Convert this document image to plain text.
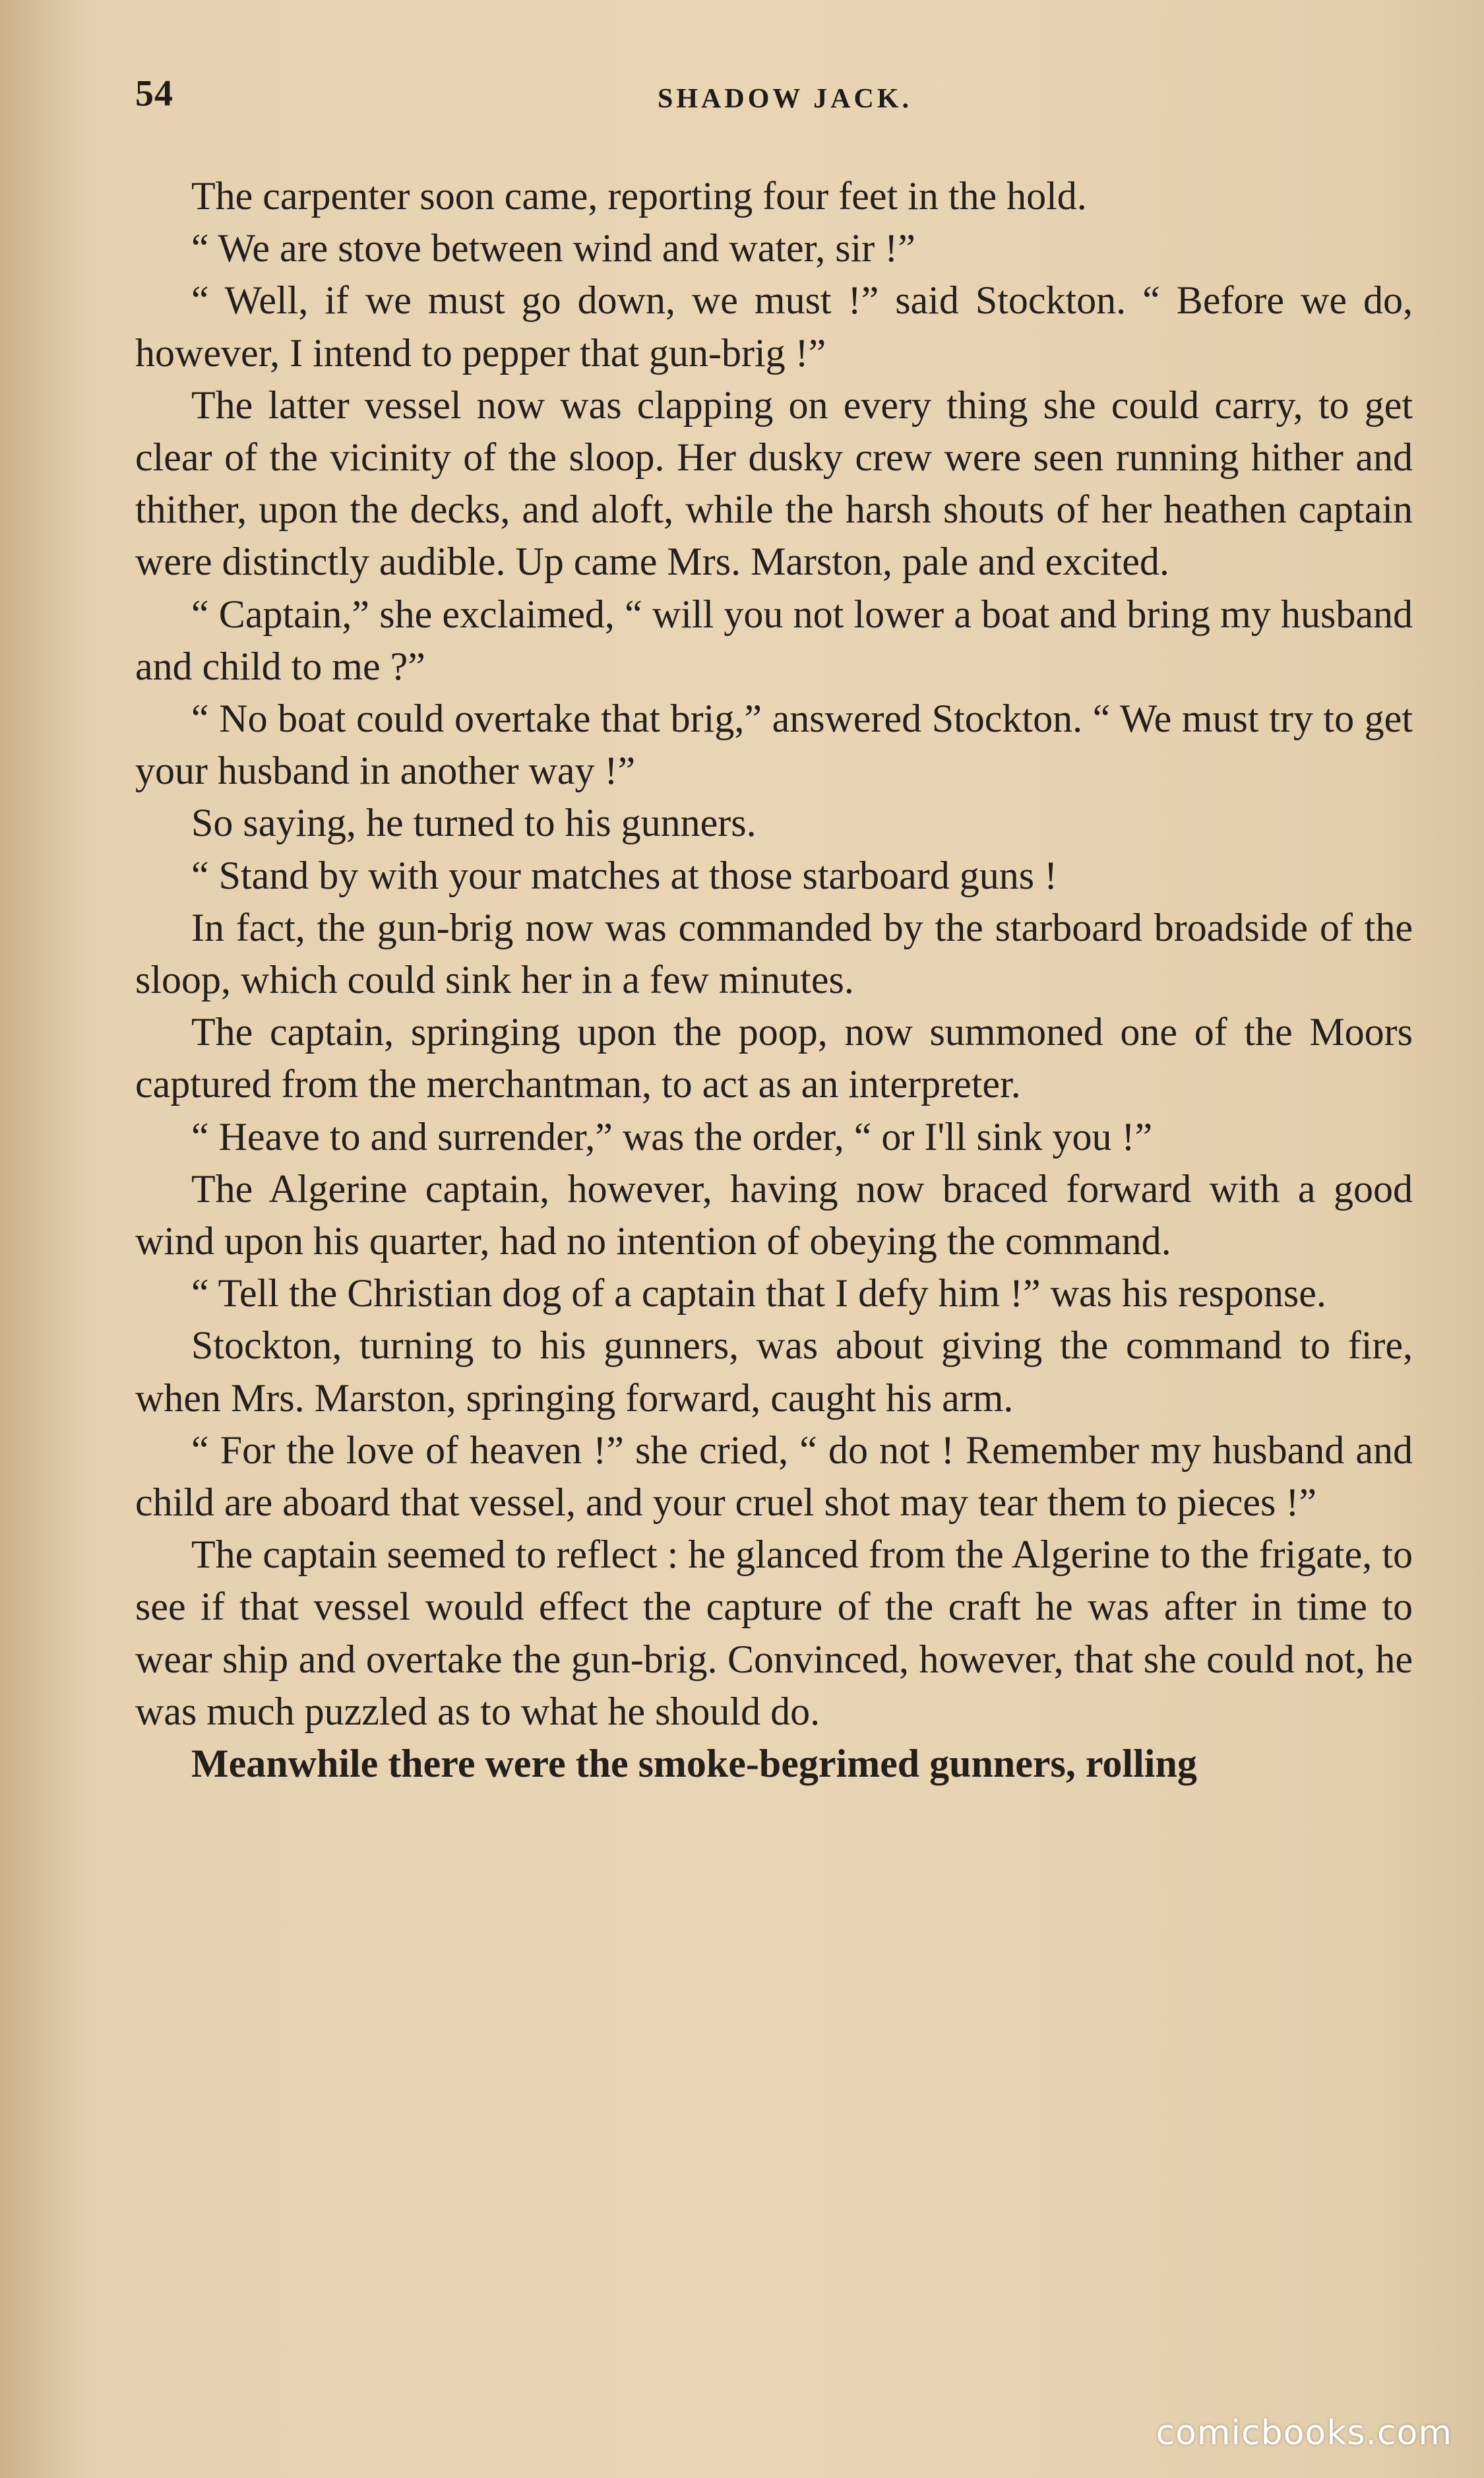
54	SHADOW JACK.

The carpenter soon came, reporting four feet in the hold.

“ We are stove between wind and water, sir !”

“ Well, if we must go down, we must !” said Stockton. “ Before we do, however, I intend to pepper that gun-brig !”

The latter vessel now was clapping on every thing she could carry, to get clear of the vicinity of the sloop. Her dusky crew were seen running hither and thither, upon the decks, and aloft, while the harsh shouts of her heathen captain were distinctly audible. Up came Mrs. Marston, pale and excited.

“ Captain,” she exclaimed, “ will you not lower a boat and bring my husband and child to me ?”

“ No boat could overtake that brig,” answered Stockton. “ We must try to get your husband in another way !”

So saying, he turned to his gunners.

“ Stand by with your matches at those starboard guns !

In fact, the gun-brig now was commanded by the starboard broadside of the sloop, which could sink her in a few minutes.

The captain, springing upon the poop, now summoned one of the Moors captured from the merchantman, to act as an interpreter.

“ Heave to and surrender,” was the order, “ or I'll sink you !”

The Algerine captain, however, having now braced forward with a good wind upon his quarter, had no intention of obeying the command.

“ Tell the Christian dog of a captain that I defy him !” was his response.

Stockton, turning to his gunners, was about giving the command to fire, when Mrs. Marston, springing forward, caught his arm.

“ For the love of heaven !” she cried, “ do not ! Remember my husband and child are aboard that vessel, and your cruel shot may tear them to pieces !”

The captain seemed to reflect : he glanced from the Algerine to the frigate, to see if that vessel would effect the capture of the craft he was after in time to wear ship and overtake the gun-brig. Convinced, however, that she could not, he was much puzzled as to what he should do.

Meanwhile there were the smoke-begrimed gunners, rolling

comicbooks.com
